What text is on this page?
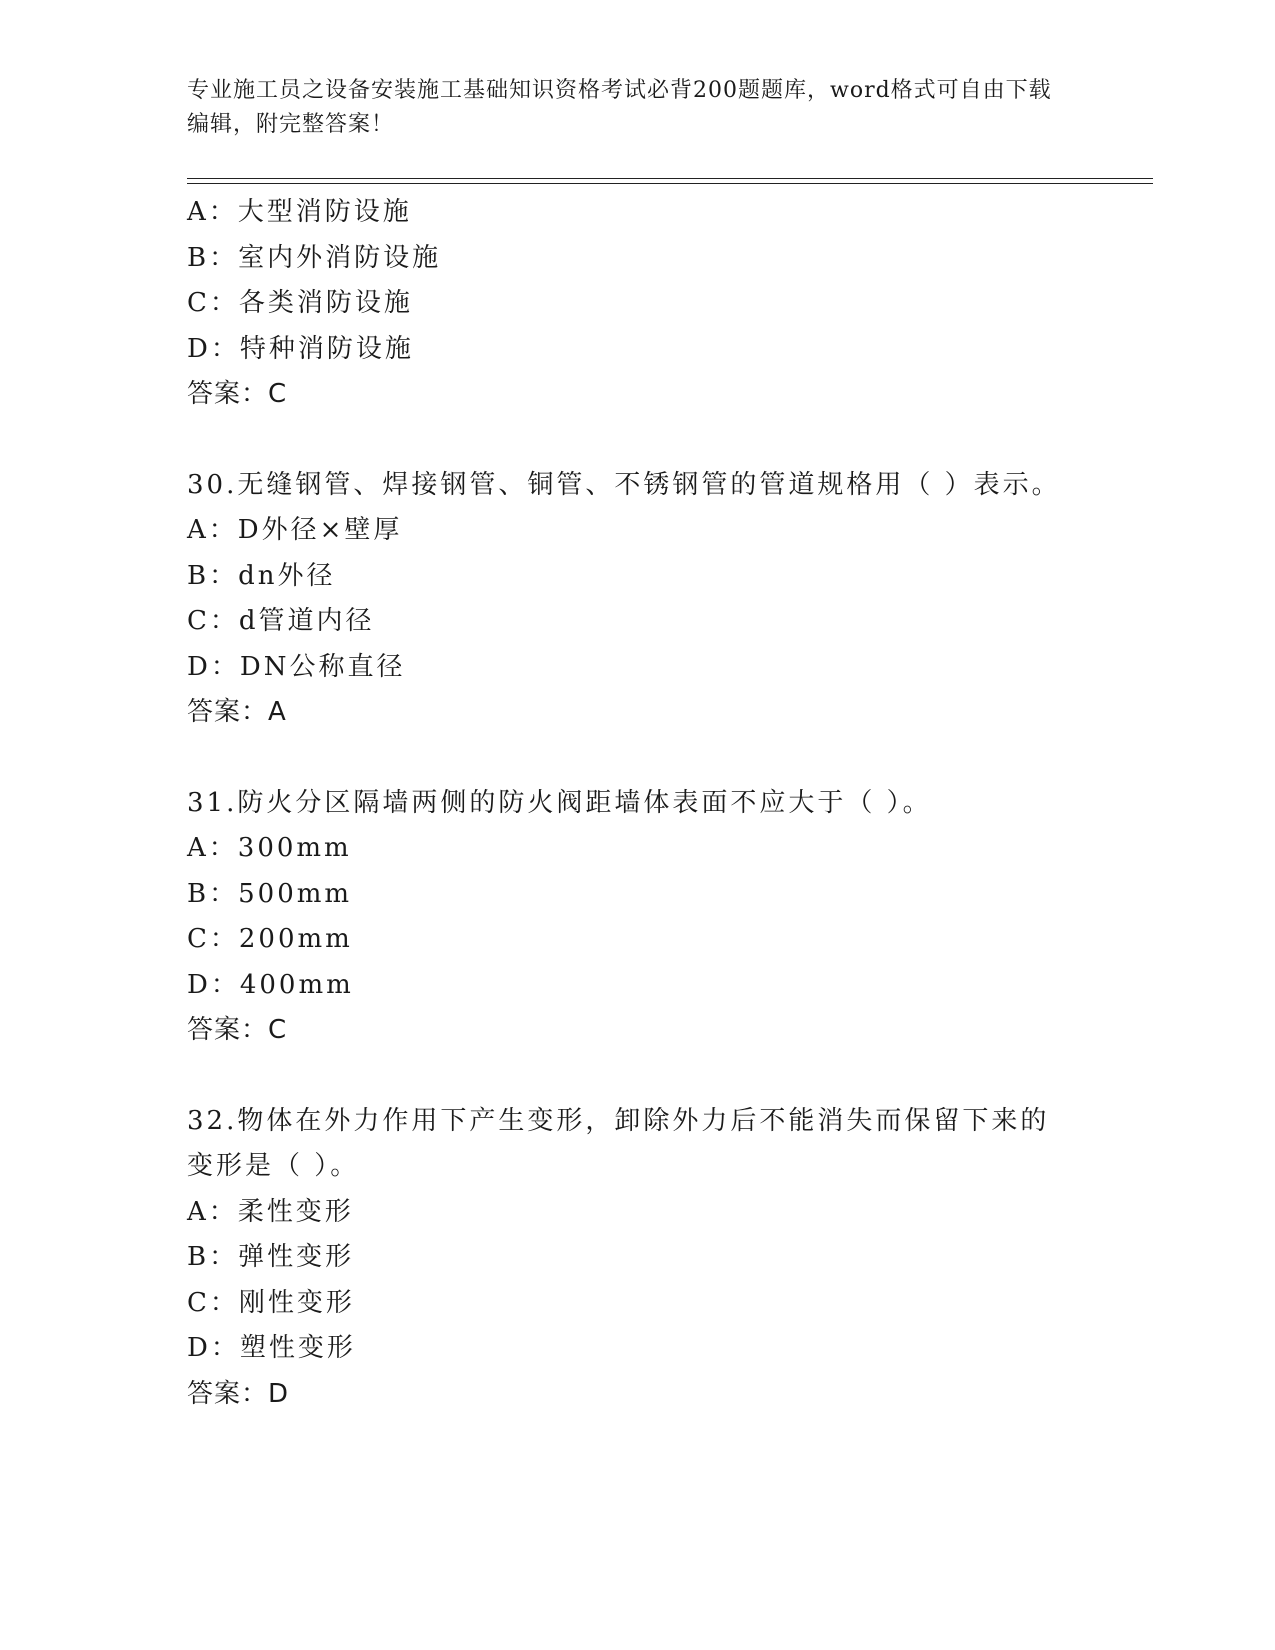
专业施工员之设备安装施工基础知识资格考试必背200题题库，word格式可自由下载编辑，附完整答案！
A：大型消防设施
B：室内外消防设施
C：各类消防设施
D：特种消防设施
答案：C
30.无缝钢管、焊接钢管、铜管、不锈钢管的管道规格用（ ）表示。
A：D外径×壁厚
B：dn外径
C：d管道内径
D：DN公称直径
答案：A
31.防火分区隔墙两侧的防火阀距墙体表面不应大于（ ）。
A：300mm
B：500mm
C：200mm
D：400mm
答案：C
32.物体在外力作用下产生变形，卸除外力后不能消失而保留下来的变形是（ ）。
A：柔性变形
B：弹性变形
C：刚性变形
D：塑性变形
答案：D
